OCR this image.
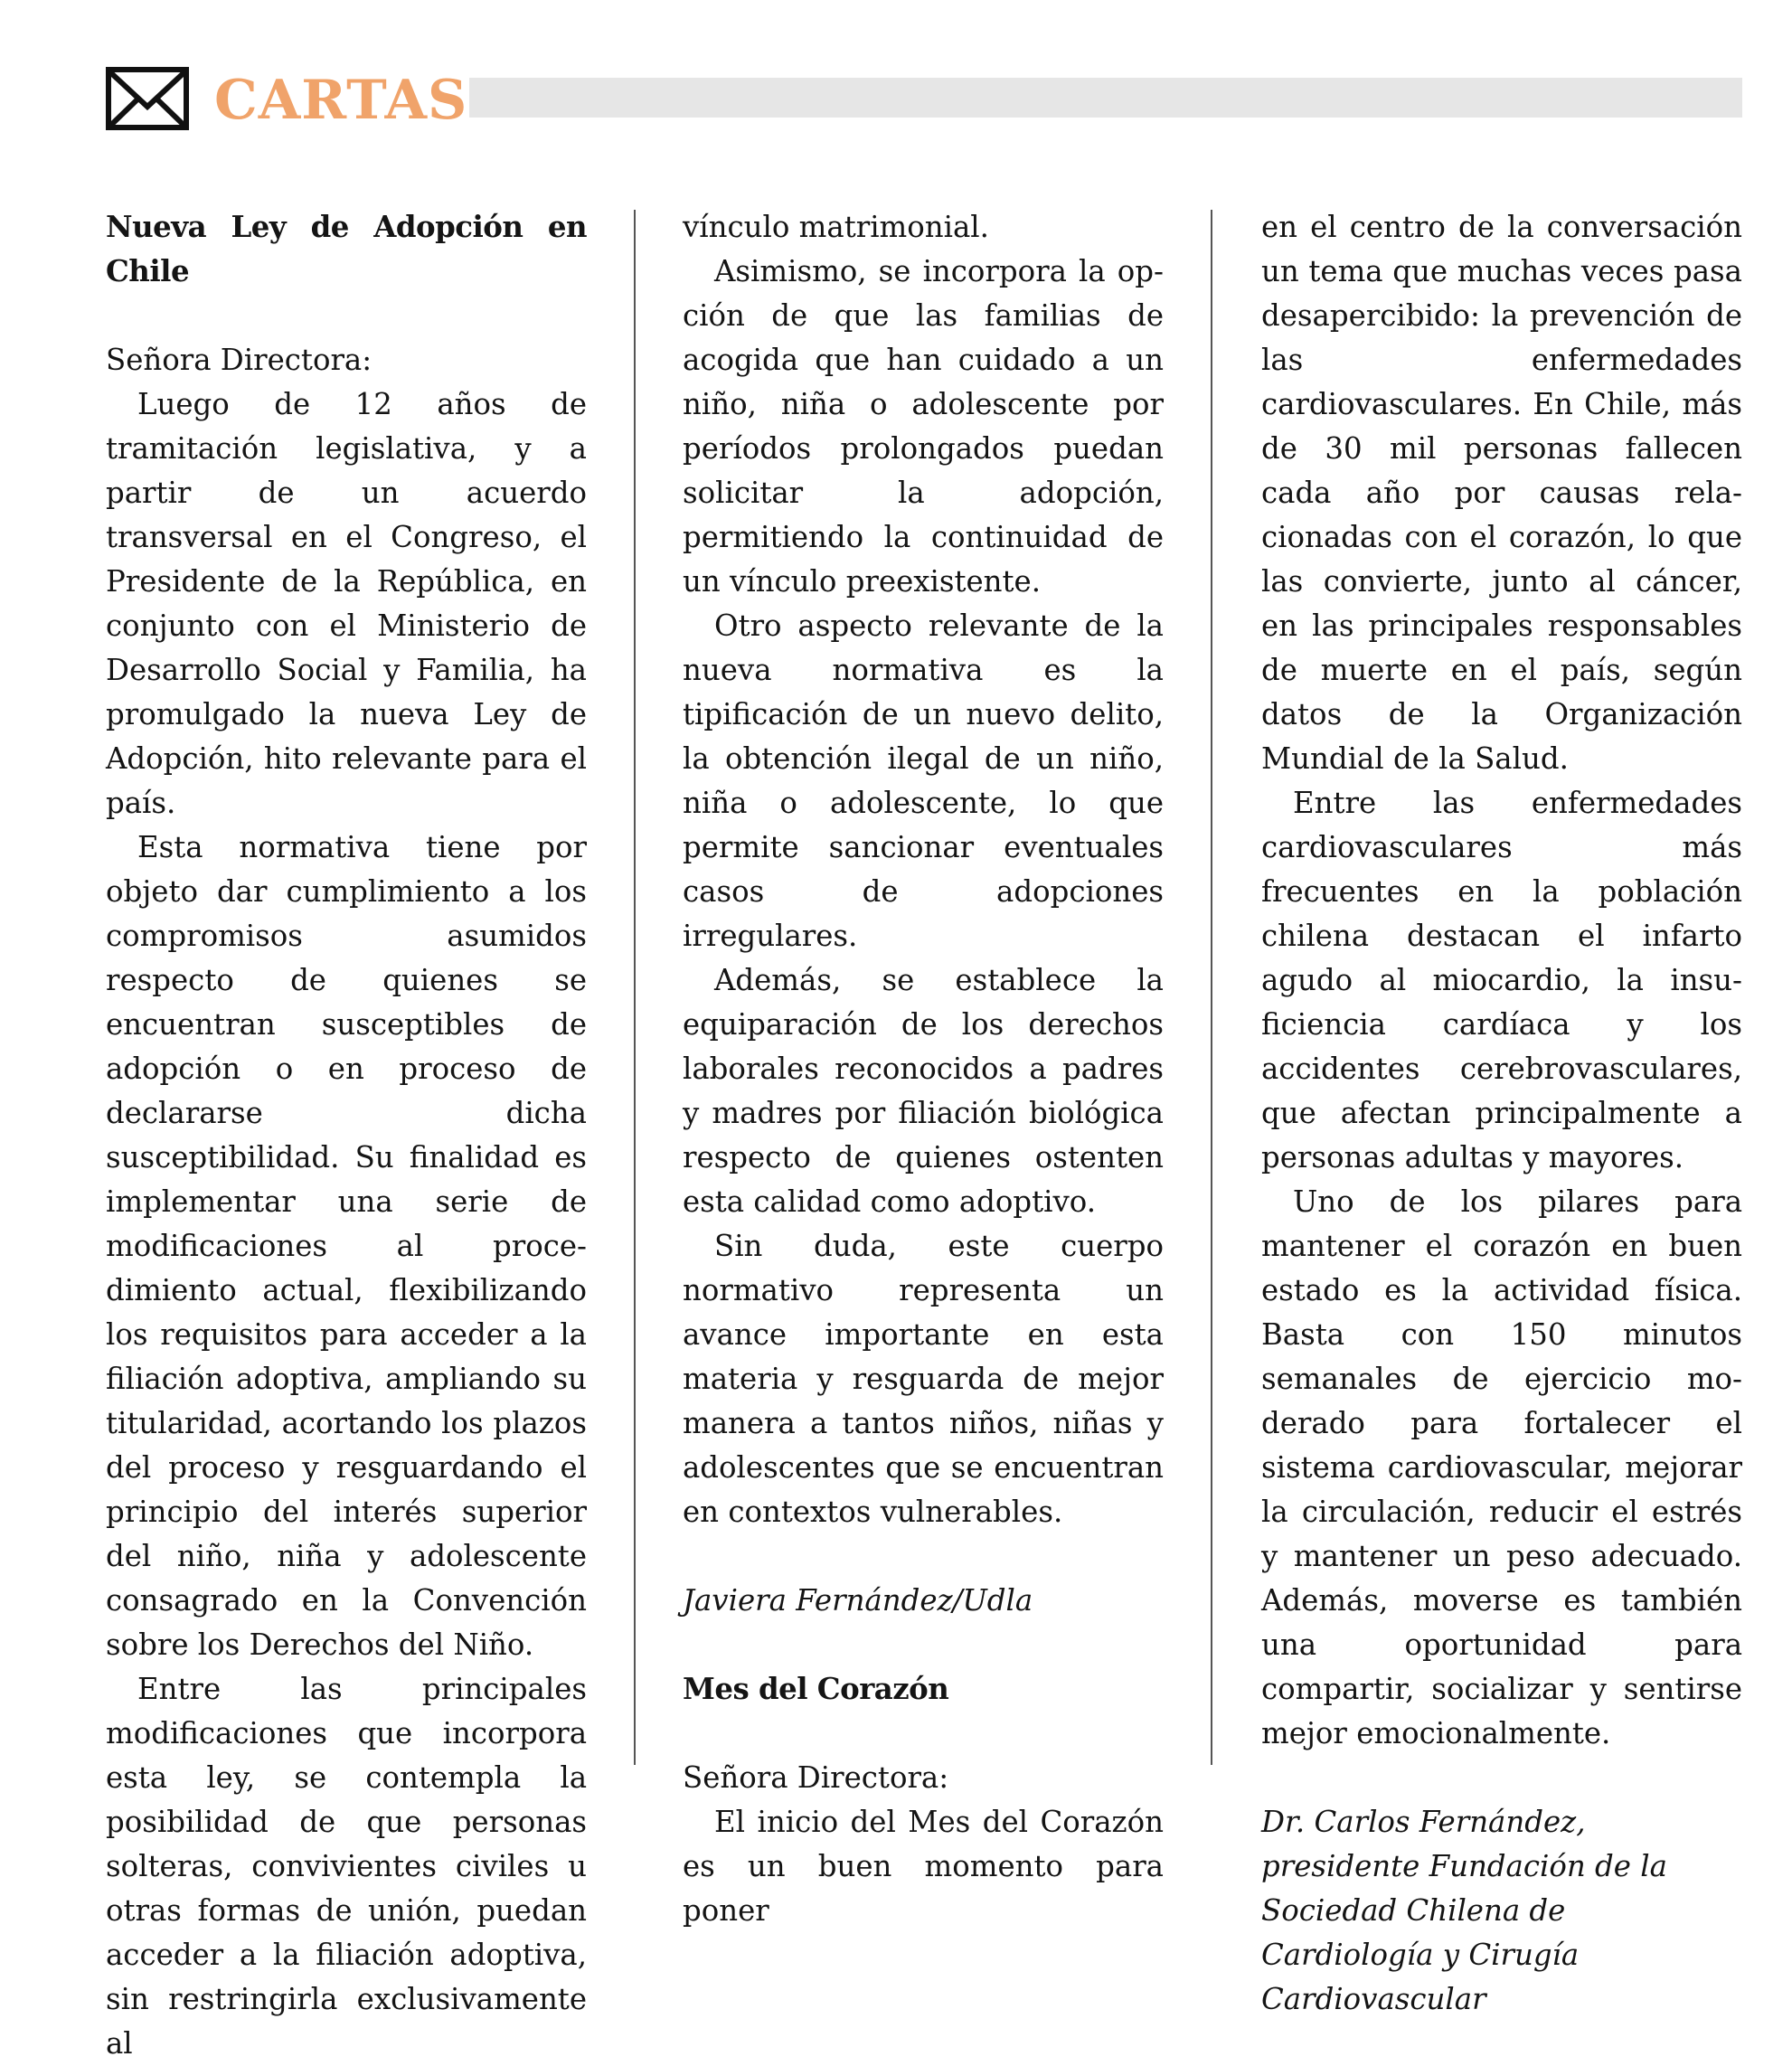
CARTAS
Nueva Ley de Adopción en Chile

Señora Directora:

Luego de 12 años de tramitación legislativa, y a partir de un acuerdo transversal en el Congreso, el Presidente de la República, en conjunto con el Ministerio de Desarrollo Social y Familia, ha promulgado la nueva Ley de Adopción, hito relevante para el país.

Esta normativa tiene por objeto dar cumplimiento a los compromisos asumidos respecto de quienes se encuentran susceptibles de adopción o en proceso de declararse dicha susceptibilidad. Su finalidad es implementar una serie de modificaciones al procedimiento actual, flexibilizando los requisitos para acceder a la filiación adoptiva, ampliando su titularidad, acortando los plazos del proceso y resguardando el principio del interés superior del niño, niña y adolescente consagrado en la Convención sobre los Derechos del Niño.

Entre las principales modificaciones que incorpora esta ley, se contempla la posibilidad de que personas solteras, convivientes civiles u otras formas de unión, puedan acceder a la filiación adoptiva, sin restringirla exclusivamente al

vínculo matrimonial.

Asimismo, se incorpora la opción de que las familias de acogida que han cuidado a un niño, niña o adolescente por períodos prolongados puedan solicitar la adopción, permitiendo la continuidad de un vínculo preexistente.

Otro aspecto relevante de la nueva normativa es la tipificación de un nuevo delito, la obtención ilegal de un niño, niña o adolescente, lo que permite sancionar eventuales casos de adopciones irregulares.

Además, se establece la equiparación de los derechos laborales reconocidos a padres y madres por filiación biológica respecto de quienes ostenten esta calidad como adoptivo.

Sin duda, este cuerpo normativo representa un avance importante en esta materia y resguarda de mejor manera a tantos niños, niñas y adolescentes que se encuentran en contextos vulnerables.

Javiera Fernández/Udla

Mes del Corazón

Señora Directora:

El inicio del Mes del Corazón es un buen momento para poner

en el centro de la conversación un tema que muchas veces pasa desapercibido: la prevención de las enfermedades cardiovasculares. En Chile, más de 30 mil personas fallecen cada año por causas relacionadas con el corazón, lo que las convierte, junto al cáncer, en las principales responsables de muerte en el país, según datos de la Organización Mundial de la Salud.

Entre las enfermedades cardiovasculares más frecuentes en la población chilena destacan el infarto agudo al miocardio, la insuficiencia cardíaca y los accidentes cerebrovasculares, que afectan principalmente a personas adultas y mayores.

Uno de los pilares para mantener el corazón en buen estado es la actividad física. Basta con 150 minutos semanales de ejercicio moderado para fortalecer el sistema cardiovascular, mejorar la circulación, reducir el estrés y mantener un peso adecuado. Además, moverse es también una oportunidad para compartir, socializar y sentirse mejor emocionalmente.

Dr. Carlos Fernández, presidente Fundación de la Sociedad Chilena de Cardiología y Cirugía Cardiovascular
